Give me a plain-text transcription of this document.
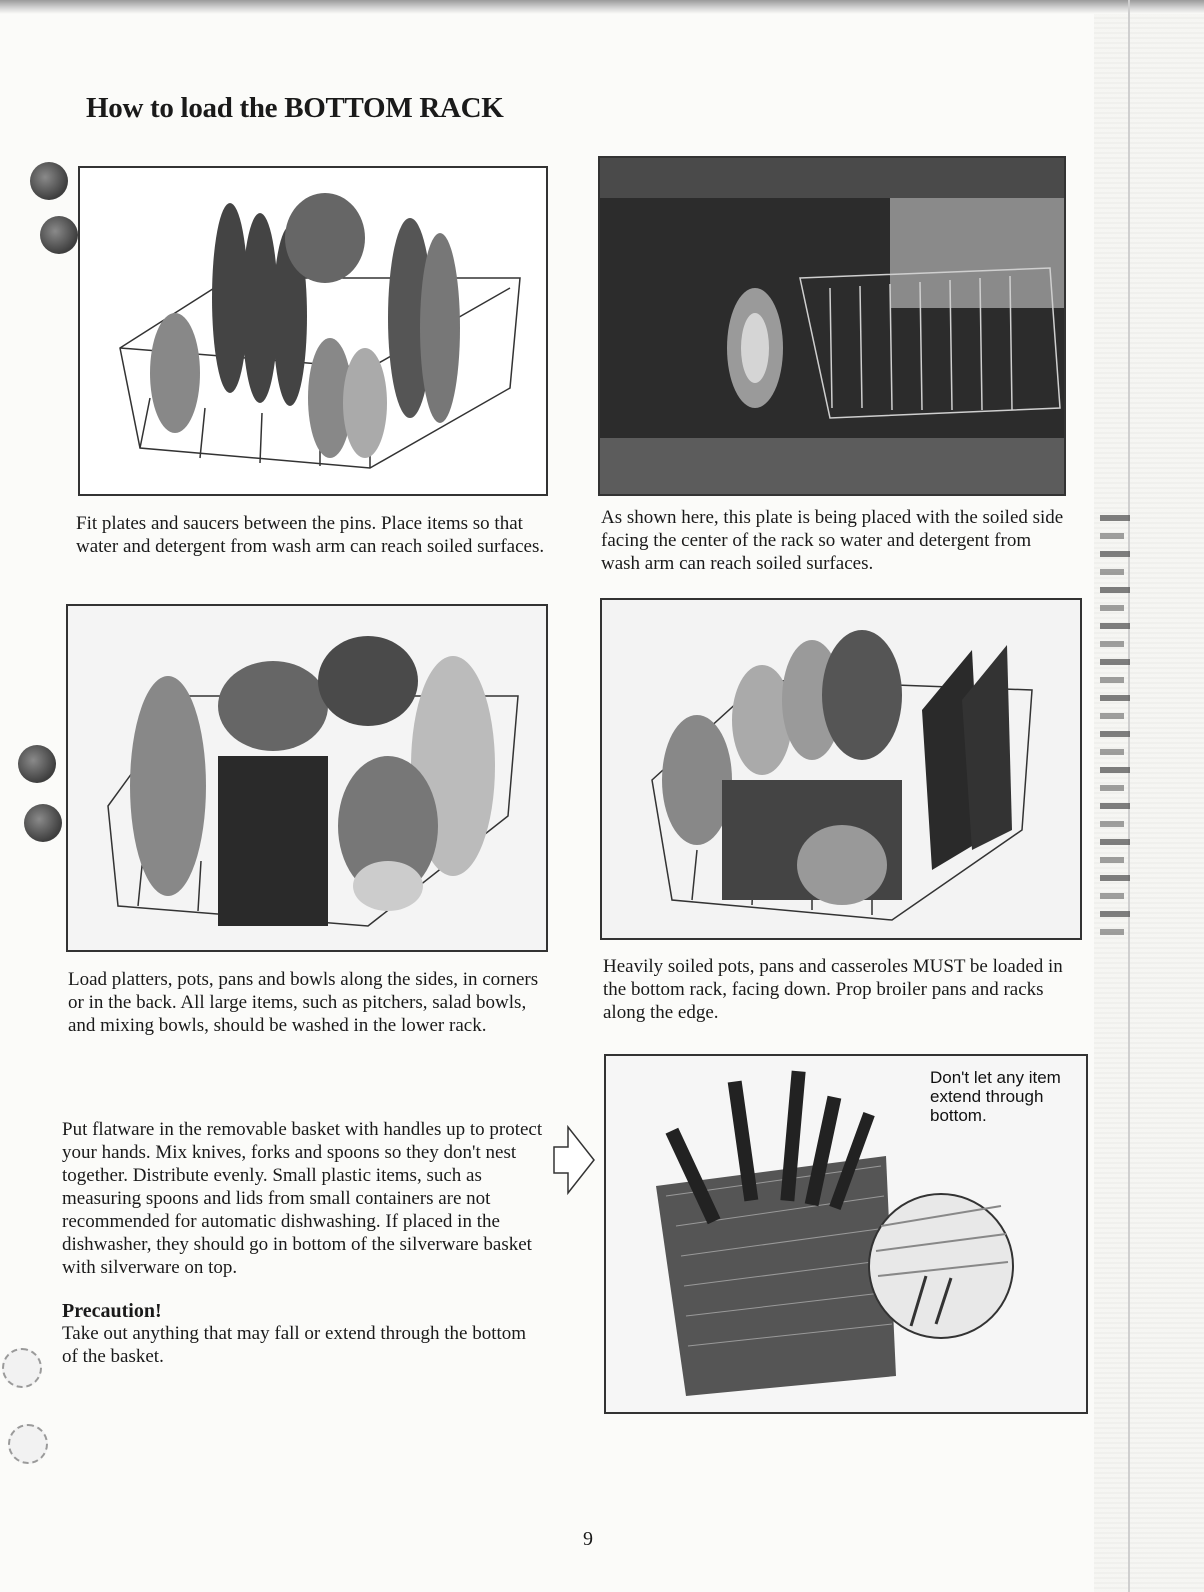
How to load the BOTTOM RACK

Fit plates and saucers between the pins. Place items so that water and detergent from wash arm can reach soiled surfaces.

As shown here, this plate is being placed with the soiled side facing the center of the rack so water and detergent from wash arm can reach soiled surfaces.

Load platters, pots, pans and bowls along the sides, in corners or in the back. All large items, such as pitchers, salad bowls, and mixing bowls, should be washed in the lower rack.

Heavily soiled pots, pans and casseroles MUST be loaded in the bottom rack, facing down. Prop broiler pans and racks along the edge.

Put flatware in the removable basket with handles up to protect your hands. Mix knives, forks and spoons so they don't nest together. Distribute evenly. Small plastic items, such as measuring spoons and lids from small containers are not recommended for automatic dishwashing. If placed in the dishwasher, they should go in bottom of the silverware basket with silverware on top.

Precaution!

Take out anything that may fall or extend through the bottom of the basket.

Don't let any item extend through bottom.
9
